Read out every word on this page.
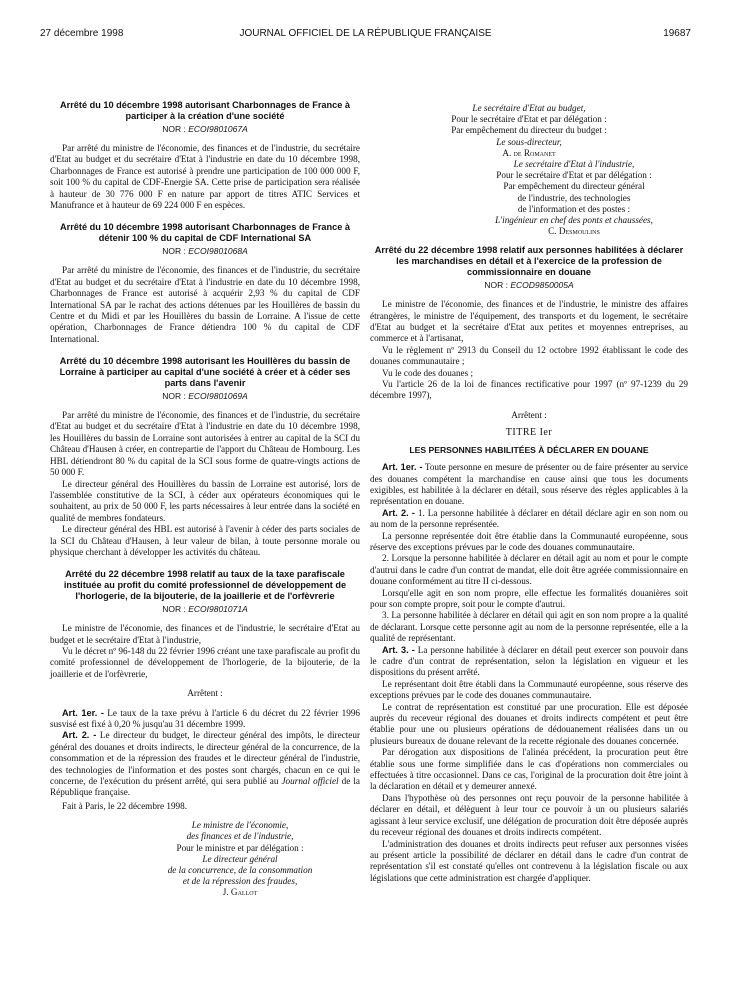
27 décembre 1998	JOURNAL OFFICIEL DE LA RÉPUBLIQUE FRANÇAISE	19687
Arrêté du 10 décembre 1998 autorisant Charbonnages de France à participer à la création d'une société
NOR : ECOI9801067A

Par arrêté du ministre de l'économie, des finances et de l'industrie, du secrétaire d'Etat au budget et du secrétaire d'Etat à l'industrie en date du 10 décembre 1998, Charbonnages de France est autorisé à prendre une participation de 100 000 000 F, soit 100 % du capital de CDF-Energie SA. Cette prise de participation sera réalisée à hauteur de 30 776 000 F en nature par apport de titres ATIC Services et Manufrance et à hauteur de 69 224 000 F en espèces.

Arrêté du 10 décembre 1998 autorisant Charbonnages de France à détenir 100 % du capital de CDF International SA
NOR : ECOI9801068A

Par arrêté du ministre de l'économie, des finances et de l'industrie, du secrétaire d'Etat au budget et du secrétaire d'Etat à l'industrie en date du 10 décembre 1998, Charbonnages de France est autorisé à acquérir 2,93 % du capital de CDF International SA par le rachat des actions détenues par les Houillères de bassin du Centre et du Midi et par les Houillères du bassin de Lorraine. A l'issue de cette opération, Charbonnages de France détiendra 100 % du capital de CDF International.

Arrêté du 10 décembre 1998 autorisant les Houillères du bassin de Lorraine à participer au capital d'une société à créer et à céder ses parts dans l'avenir
NOR : ECOI9801069A

Par arrêté du ministre de l'économie, des finances et de l'industrie, du secrétaire d'Etat au budget et du secrétaire d'Etat à l'industrie en date du 10 décembre 1998, les Houillères du bassin de Lorraine sont autorisées à entrer au capital de la SCI du Château d'Hausen à créer, en contrepartie de l'apport du Château de Hombourg. Les HBL détiendront 80 % du capital de la SCI sous forme de quatre-vingts actions de 50 000 F.

Le directeur général des Houillères du bassin de Lorraine est autorisé, lors de l'assemblée constitutive de la SCI, à céder aux opérateurs économiques qui le souhaitent, au prix de 50 000 F, les parts nécessaires à leur entrée dans la société en qualité de membres fondateurs.

Le directeur général des HBL est autorisé à l'avenir à céder des parts sociales de la SCI du Château d'Hausen, à leur valeur de bilan, à toute personne morale ou physique cherchant à développer les activités du château.

Arrêté du 22 décembre 1998 relatif au taux de la taxe parafiscale instituée au profit du comité professionnel de développement de l'horlogerie, de la bijouterie, de la joaillerie et de l'orfèvrerie
NOR : ECOI9801071A

Le ministre de l'économie, des finances et de l'industrie, le secrétaire d'Etat au budget et le secrétaire d'Etat à l'industrie,

Vu le décret nº 96-148 du 22 février 1996 créant une taxe parafiscale au profit du comité professionnel de développement de l'horlogerie, de la bijouterie, de la joaillerie et de l'orfèvrerie,

Arrêtent :

Art. 1er. - Le taux de la taxe prévu à l'article 6 du décret du 22 février 1996 susvisé est fixé à 0,20 % jusqu'au 31 décembre 1999.

Art. 2. - Le directeur du budget, le directeur général des impôts, le directeur général des douanes et droits indirects, le directeur général de la concurrence, de la consommation et de la répression des fraudes et le directeur général de l'industrie, des technologies de l'information et des postes sont chargés, chacun en ce qui le concerne, de l'exécution du présent arrêté, qui sera publié au Journal officiel de la République française.

Fait à Paris, le 22 décembre 1998.

Le ministre de l'économie,

des finances et de l'industrie,

Pour le ministre et par délégation :

Le directeur général

de la concurrence, de la consommation

et de la répression des fraudes,

J. Gallot

Le secrétaire d'Etat au budget,

Pour le secrétaire d'Etat et par délégation :

Par empêchement du directeur du budget :

Le sous-directeur,

A. de Romanet

Le secrétaire d'Etat à l'industrie,

Pour le secrétaire d'Etat et par délégation :

Par empêchement du directeur général

de l'industrie, des technologies

de l'information et des postes :

L'ingénieur en chef des ponts et chaussées,

C. Desmoulins

Arrêté du 22 décembre 1998 relatif aux personnes habilitées à déclarer les marchandises en détail et à l'exercice de la profession de commissionnaire en douane
NOR : ECOD9850005A

Le ministre de l'économie, des finances et de l'industrie, le ministre des affaires étrangères, le ministre de l'équipement, des transports et du logement, le secrétaire d'Etat au budget et la secrétaire d'Etat aux petites et moyennes entreprises, au commerce et à l'artisanat,

Vu le règlement nº 2913 du Conseil du 12 octobre 1992 établissant le code des douanes communautaire ;

Vu le code des douanes ;

Vu l'article 26 de la loi de finances rectificative pour 1997 (nº 97-1239 du 29 décembre 1997),

Arrêtent :

TITRE Ier
LES PERSONNES HABILITÉES À DÉCLARER EN DOUANE

Art. 1er. - Toute personne en mesure de présenter ou de faire présenter au service des douanes compétent la marchandise en cause ainsi que tous les documents exigibles, est habilitée à la déclarer en détail, sous réserve des règles applicables à la représentation en douane.

Art. 2. - 1. La personne habilitée à déclarer en détail déclare agir en son nom ou au nom de la personne représentée.

La personne représentée doit être établie dans la Communauté européenne, sous réserve des exceptions prévues par le code des douanes communautaire.

2. Lorsque la personne habilitée à déclarer en détail agit au nom et pour le compte d'autrui dans le cadre d'un contrat de mandat, elle doit être agréée commissionnaire en douane conformément au titre II ci-dessous.

Lorsqu'elle agit en son nom propre, elle effectue les formalités douanières soit pour son compte propre, soit pour le compte d'autrui.

3. La personne habilitée à déclarer en détail qui agit en son nom propre a la qualité de déclarant. Lorsque cette personne agit au nom de la personne représentée, elle a la qualité de représentant.

Art. 3. - La personne habilitée à déclarer en détail peut exercer son pouvoir dans le cadre d'un contrat de représentation, selon la législation en vigueur et les dispositions du présent arrêté.

Le représentant doit être établi dans la Communauté européenne, sous réserve des exceptions prévues par le code des douanes communautaire.

Le contrat de représentation est constitué par une procuration. Elle est déposée auprès du receveur régional des douanes et droits indirects compétent et peut être établie pour une ou plusieurs opérations de dédouanement réalisées dans un ou plusieurs bureaux de douane relevant de la recette régionale des douanes concernée.

Par dérogation aux dispositions de l'alinéa précédent, la procuration peut être établie sous une forme simplifiée dans le cas d'opérations non commerciales ou effectuées à titre occasionnel. Dans ce cas, l'original de la procuration doit être joint à la déclaration en détail et y demeurer annexé.

Dans l'hypothèse où des personnes ont reçu pouvoir de la personne habilitée à déclarer en détail, et délèguent à leur tour ce pouvoir à un ou plusieurs salariés agissant à leur service exclusif, une délégation de procuration doit être déposée auprès du receveur régional des douanes et droits indirects compétent.

L'administration des douanes et droits indirects peut refuser aux personnes visées au présent article la possibilité de déclarer en détail dans le cadre d'un contrat de représentation s'il est constaté qu'elles ont contrevenu à la législation fiscale ou aux législations que cette administration est chargée d'appliquer.
